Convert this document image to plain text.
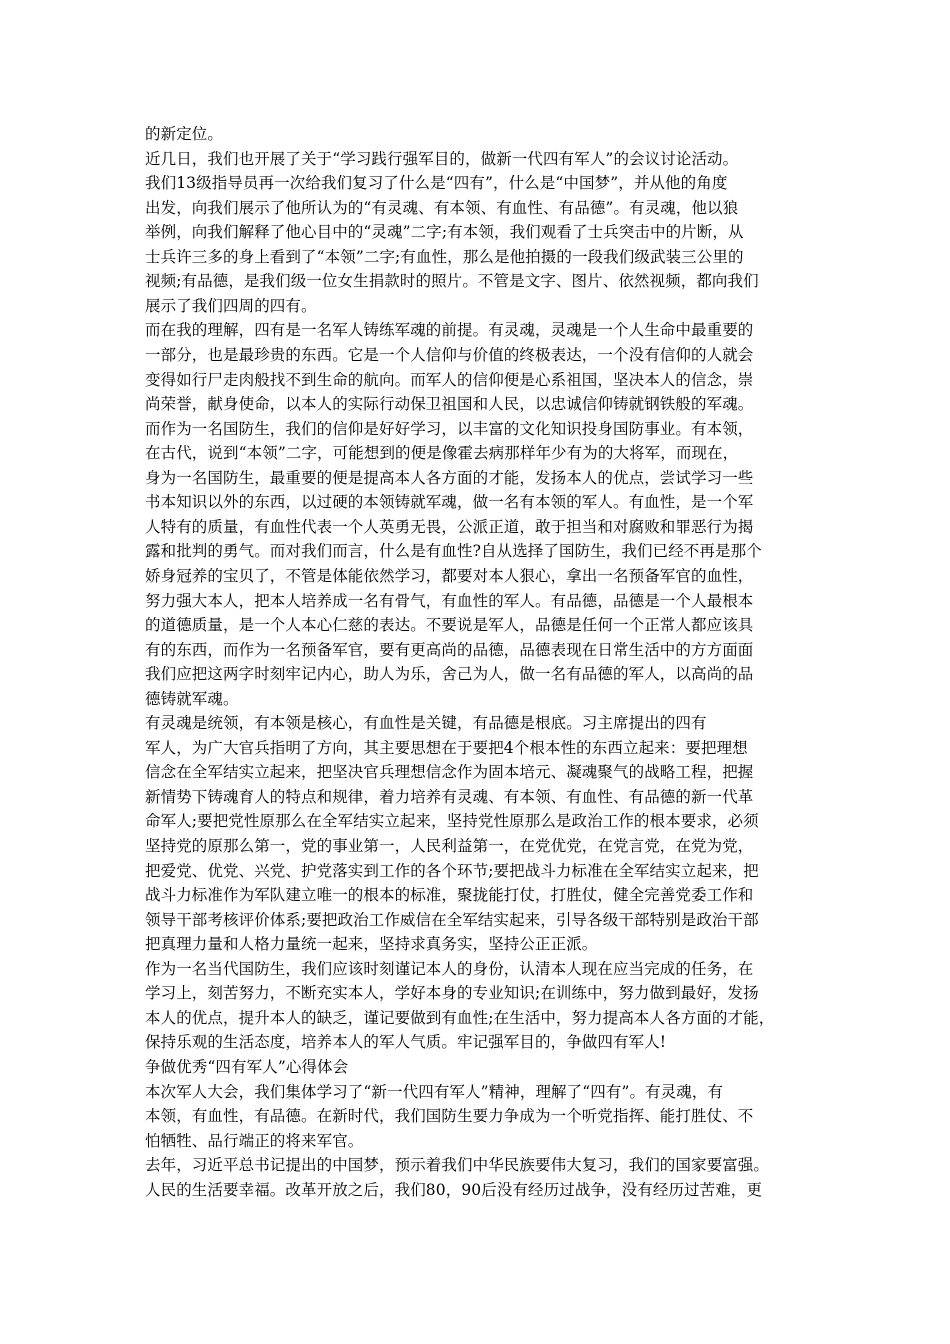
的新定位。
近几日，我们也开展了关于“学习践行强军目的，做新一代四有军人”的会议讨论活动。
我们13级指导员再一次给我们复习了什么是“四有”，什么是“中国梦”，并从他的角度
出发，向我们展示了他所认为的“有灵魂、有本领、有血性、有品德”。有灵魂，他以狼
举例，向我们解释了他心目中的“灵魂”二字;有本领，我们观看了士兵突击中的片断，从
士兵许三多的身上看到了“本领”二字;有血性，那么是他拍摄的一段我们级武装三公里的
视频;有品德，是我们级一位女生捐款时的照片。不管是文字、图片、依然视频，都向我们
展示了我们四周的四有。
而在我的理解，四有是一名军人铸练军魂的前提。有灵魂，灵魂是一个人生命中最重要的
一部分，也是最珍贵的东西。它是一个人信仰与价值的终极表达，一个没有信仰的人就会
变得如行尸走肉般找不到生命的航向。而军人的信仰便是心系祖国，坚决本人的信念，崇
尚荣誉，献身使命，以本人的实际行动保卫祖国和人民，以忠诚信仰铸就钢铁般的军魂。
而作为一名国防生，我们的信仰是好好学习，以丰富的文化知识投身国防事业。有本领，
在古代，说到“本领”二字，可能想到的便是像霍去病那样年少有为的大将军，而现在，
身为一名国防生，最重要的便是提高本人各方面的才能，发扬本人的优点，尝试学习一些
书本知识以外的东西，以过硬的本领铸就军魂，做一名有本领的军人。有血性，是一个军
人特有的质量，有血性代表一个人英勇无畏，公派正道，敢于担当和对腐败和罪恶行为揭
露和批判的勇气。而对我们而言，什么是有血性?自从选择了国防生，我们已经不再是那个
娇身冠养的宝贝了，不管是体能依然学习，都要对本人狠心，拿出一名预备军官的血性，
努力强大本人，把本人培养成一名有骨气，有血性的军人。有品德，品德是一个人最根本
的道德质量，是一个人本心仁慈的表达。不要说是军人，品德是任何一个正常人都应该具
有的东西，而作为一名预备军官，要有更高尚的品德，品德表现在日常生活中的方方面面
我们应把这两字时刻牢记内心，助人为乐，舍己为人，做一名有品德的军人，以高尚的品
德铸就军魂。
有灵魂是统领，有本领是核心，有血性是关键，有品德是根底。习主席提出的四有
军人，为广大官兵指明了方向，其主要思想在于要把4个根本性的东西立起来：要把理想
信念在全军结实立起来，把坚决官兵理想信念作为固本培元、凝魂聚气的战略工程，把握
新情势下铸魂育人的特点和规律，着力培养有灵魂、有本领、有血性、有品德的新一代革
命军人;要把党性原那么在全军结实立起来，坚持党性原那么是政治工作的根本要求，必须
坚持党的原那么第一，党的事业第一，人民利益第一，在党优党，在党言党，在党为党，
把爱党、优党、兴党、护党落实到工作的各个环节;要把战斗力标准在全军结实立起来，把
战斗力标准作为军队建立唯一的根本的标准，聚拢能打仗，打胜仗，健全完善党委工作和
领导干部考核评价体系;要把政治工作威信在全军结实起来，引导各级干部特别是政治干部
把真理力量和人格力量统一起来，坚持求真务实，坚持公正正派。
作为一名当代国防生，我们应该时刻谨记本人的身份，认清本人现在应当完成的任务，在
学习上，刻苦努力，不断充实本人，学好本身的专业知识;在训练中，努力做到最好，发扬
本人的优点，提升本人的缺乏，谨记要做到有血性;在生活中，努力提高本人各方面的才能，
保持乐观的生活态度，培养本人的军人气质。牢记强军目的，争做四有军人!
争做优秀“四有军人”心得体会
本次军人大会，我们集体学习了“新一代四有军人”精神，理解了“四有”。有灵魂，有
本领，有血性，有品德。在新时代，我们国防生要力争成为一个听党指挥、能打胜仗、不
怕牺牲、品行端正的将来军官。
去年，习近平总书记提出的中国梦，预示着我们中华民族要伟大复习，我们的国家要富强。
人民的生活要幸福。改革开放之后，我们80，90后没有经历过战争，没有经历过苦难，更
